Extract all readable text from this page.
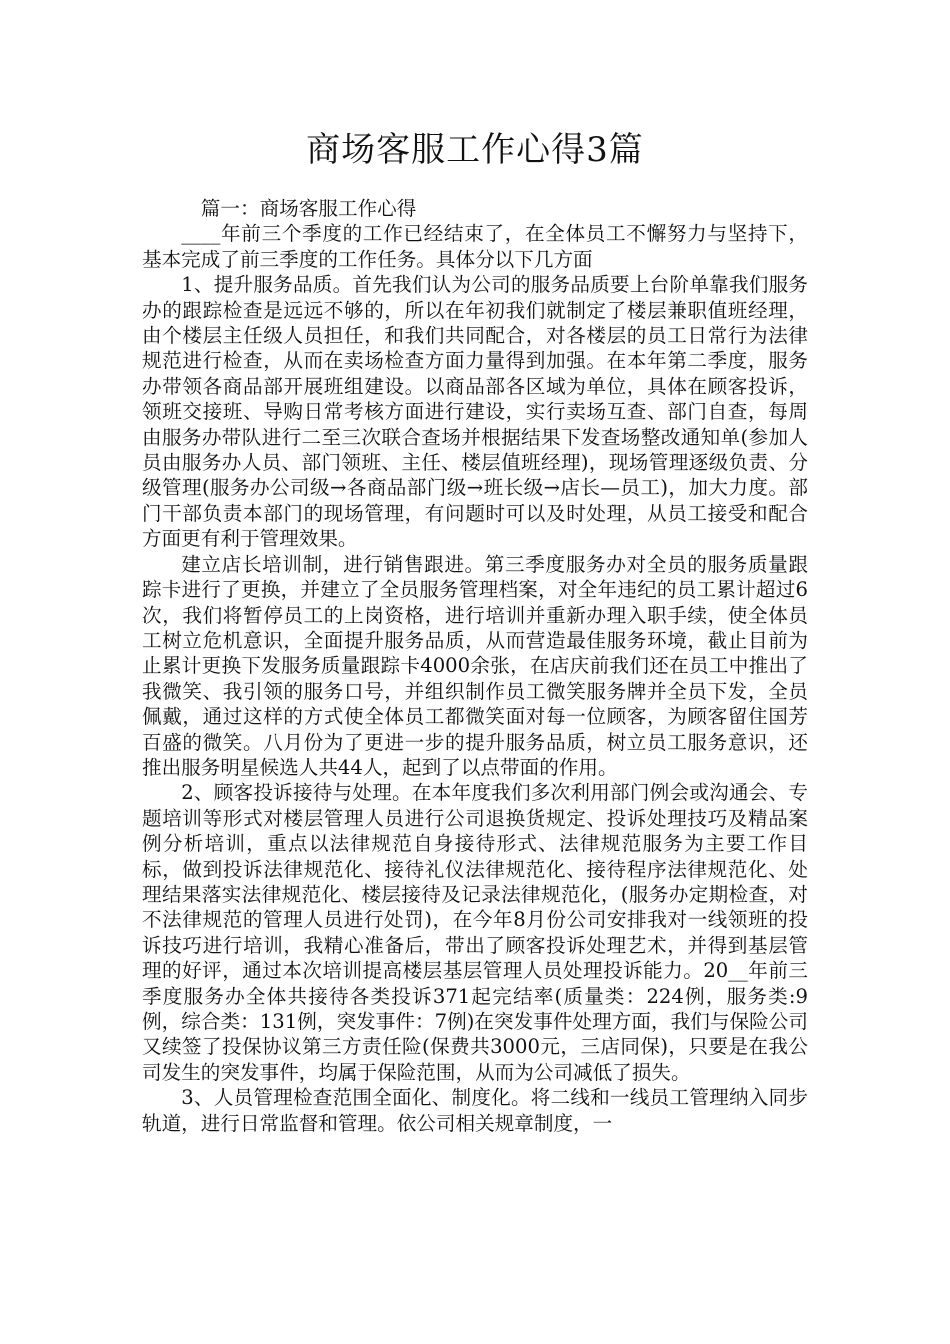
商场客服工作心得3篇

篇一：商场客服工作心得

____年前三个季度的工作已经结束了，在全体员工不懈努力与坚持下，基本完成了前三季度的工作任务。具体分以下几方面

1、提升服务品质。首先我们认为公司的服务品质要上台阶单靠我们服务办的跟踪检查是远远不够的，所以在年初我们就制定了楼层兼职值班经理，由个楼层主任级人员担任，和我们共同配合，对各楼层的员工日常行为法律规范进行检查，从而在卖场检查方面力量得到加强。在本年第二季度，服务办带领各商品部开展班组建设。以商品部各区域为单位，具体在顾客投诉，领班交接班、导购日常考核方面进行建设，实行卖场互查、部门自查，每周由服务办带队进行二至三次联合查场并根据结果下发查场整改通知单(参加人员由服务办人员、部门领班、主任、楼层值班经理)，现场管理逐级负责、分级管理(服务办公司级→各商品部门级→班长级→店长—员工)，加大力度。部门干部负责本部门的现场管理，有问题时可以及时处理，从员工接受和配合方面更有利于管理效果。

建立店长培训制，进行销售跟进。第三季度服务办对全员的服务质量跟踪卡进行了更换，并建立了全员服务管理档案，对全年违纪的员工累计超过6次，我们将暂停员工的上岗资格，进行培训并重新办理入职手续，使全体员工树立危机意识，全面提升服务品质，从而营造最佳服务环境，截止目前为止累计更换下发服务质量跟踪卡4000余张，在店庆前我们还在员工中推出了我微笑、我引领的服务口号，并组织制作员工微笑服务牌并全员下发，全员佩戴，通过这样的方式使全体员工都微笑面对每一位顾客，为顾客留住国芳百盛的微笑。八月份为了更进一步的提升服务品质，树立员工服务意识，还推出服务明星候选人共44人，起到了以点带面的作用。

2、顾客投诉接待与处理。在本年度我们多次利用部门例会或沟通会、专题培训等形式对楼层管理人员进行公司退换货规定、投诉处理技巧及精品案例分析培训，重点以法律规范自身接待形式、法律规范服务为主要工作目标，做到投诉法律规范化、接待礼仪法律规范化、接待程序法律规范化、处理结果落实法律规范化、楼层接待及记录法律规范化，(服务办定期检查，对不法律规范的管理人员进行处罚)，在今年8月份公司安排我对一线领班的投诉技巧进行培训，我精心准备后，带出了顾客投诉处理艺术，并得到基层管理的好评，通过本次培训提高楼层基层管理人员处理投诉能力。20__年前三季度服务办全体共接待各类投诉371起完结率(质量类：224例，服务类:9例，综合类：131例，突发事件：7例)在突发事件处理方面，我们与保险公司又续签了投保协议第三方责任险(保费共3000元，三店同保)，只要是在我公司发生的突发事件，均属于保险范围，从而为公司减低了损失。

3、人员管理检查范围全面化、制度化。将二线和一线员工管理纳入同步轨道，进行日常监督和管理。依公司相关规章制度，一
